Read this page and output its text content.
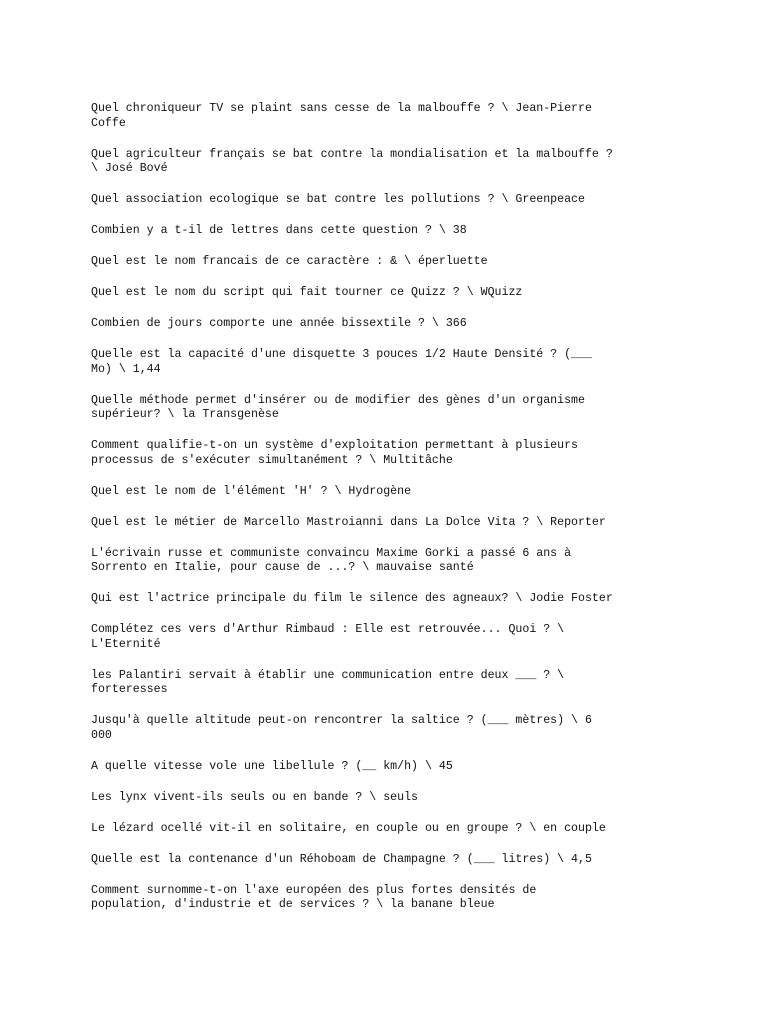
Quel chroniqueur TV se plaint sans cesse de la malbouffe ? \ Jean-Pierre
Coffe
Quel agriculteur français se bat contre la mondialisation et la malbouffe ?
\ José Bové
Quel association ecologique se bat contre les pollutions ? \ Greenpeace
Combien y a t-il de lettres dans cette question ? \ 38
Quel est le nom francais de ce caractère : & \ éperluette
Quel est le nom du script qui fait tourner ce Quizz ? \ WQuizz
Combien de jours comporte une année bissextile ? \ 366
Quelle est la capacité d'une disquette 3 pouces 1/2 Haute Densité ? (___
Mo) \ 1,44
Quelle méthode permet d'insérer ou de modifier des gènes d'un organisme
supérieur? \ la Transgenèse
Comment qualifie-t-on un système d'exploitation permettant à plusieurs
processus de s'exécuter simultanément ? \ Multitâche
Quel est le nom de l'élément 'H' ? \ Hydrogène
Quel est le métier de Marcello Mastroianni dans La Dolce Vita ? \ Reporter
L'écrivain russe et communiste convaincu Maxime Gorki a passé 6 ans à
Sorrento en Italie, pour cause de ...? \ mauvaise santé
Qui est l'actrice principale du film le silence des agneaux? \ Jodie Foster
Complétez ces vers d'Arthur Rimbaud : Elle est retrouvée... Quoi ? \
L'Eternité
les Palantiri servait à établir une communication entre deux ___ ? \
forteresses
Jusqu'à quelle altitude peut-on rencontrer la saltice ? (___ mètres) \ 6
000
A quelle vitesse vole une libellule ? (__ km/h) \ 45
Les lynx vivent-ils seuls ou en bande ? \ seuls
Le lézard ocellé vit-il en solitaire, en couple ou en groupe ? \ en couple
Quelle est la contenance d'un Réhoboam de Champagne ? (___ litres) \ 4,5
Comment surnomme-t-on l'axe européen des plus fortes densités de
population, d'industrie et de services ? \ la banane bleue
